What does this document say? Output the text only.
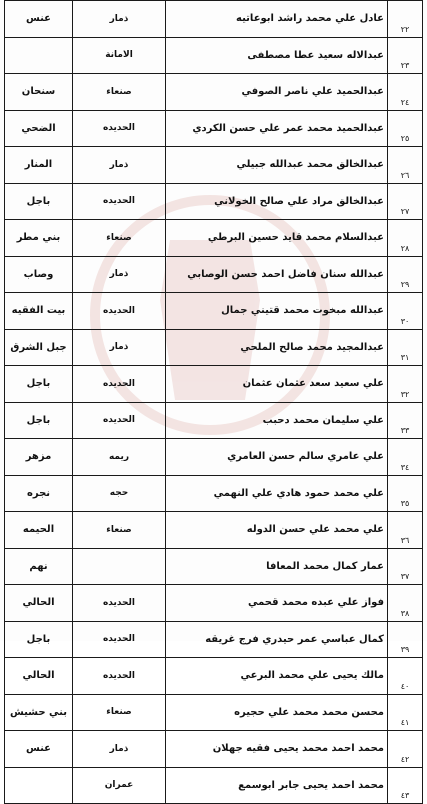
٢٢	عادل علي محمد راشد ابوعاتيه	ذمار	عنس
٢٣	عبدالاله سعيد عطا مصطفى	الامانة	
٢٤	عبدالحميد علي ناصر الصوفي	صنعاء	سنحان
٢٥	عبدالحميد محمد عمر علي حسن الكردي	الحديده	الضحي
٢٦	عبدالخالق محمد عبدالله جبيلي	ذمار	المنار
٢٧	عبدالخالق مراد علي صالح الخولاني	الحديده	باجل
٢٨	عبدالسلام محمد قايد حسين البرطي	صنعاء	بني مطر
٢٩	عبدالله سنان فاضل احمد حسن الوصابي	ذمار	وصاب
٣٠	عبدالله مبخوت محمد قتيني جمال	الحديده	بيت الفقيه
٣١	عبدالمجيد محمد صالح الملحي	ذمار	جبل الشرق
٣٢	علي سعيد سعد عثمان عثمان	الحديده	باجل
٣٣	علي سليمان محمد دحبب	الحديده	باجل
٣٤	علي عامري سالم حسن العامري	ريمه	مزهر
٣٥	علي محمد حمود هادي علي النهمي	حجه	نجره
٣٦	علي محمد علي حسن الدوله	صنعاء	الحيمه
٣٧	عمار كمال محمد المعافا		نهم
٣٨	فواز علي عبده محمد قحمي	الحديده	الحالي
٣٩	كمال عباسي عمر حيدري فرج غريقه	الحديده	باجل
٤٠	مالك يحيى علي محمد البرعي	الحديده	الحالي
٤١	محسن محمد محمد علي حجيره	صنعاء	بني حشيش
٤٢	محمد احمد محمد يحيى فقيه جهلان	ذمار	عنس
٤٣	محمد احمد يحيى جابر ابوسمع	عمران	
